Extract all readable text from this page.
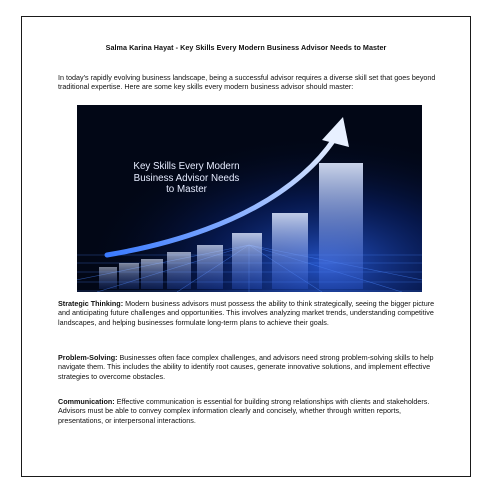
Salma Karina Hayat - Key Skills Every Modern Business Advisor Needs to Master
In today’s rapidly evolving business landscape, being a successful advisor requires a diverse skill set that goes beyond traditional expertise. Here are some key skills every modern business advisor should master:
Key Skills Every Modern Business Advisor Needs to Master
Strategic Thinking: Modern business advisors must possess the ability to think strategically, seeing the bigger picture and anticipating future challenges and opportunities. This involves analyzing market trends, understanding competitive landscapes, and helping businesses formulate long-term plans to achieve their goals.
Problem-Solving: Businesses often face complex challenges, and advisors need strong problem-solving skills to help navigate them. This includes the ability to identify root causes, generate innovative solutions, and implement effective strategies to overcome obstacles.
Communication: Effective communication is essential for building strong relationships with clients and stakeholders. Advisors must be able to convey complex information clearly and concisely, whether through written reports, presentations, or interpersonal interactions.
